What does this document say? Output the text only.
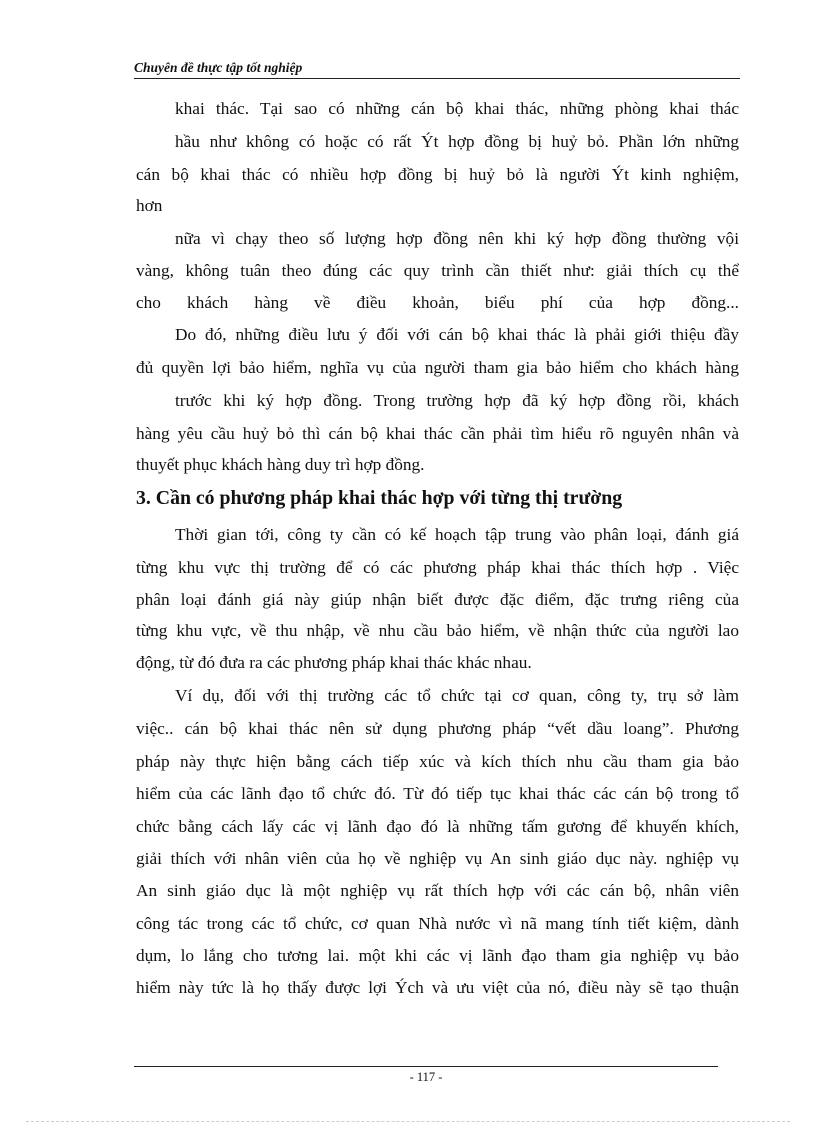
Chuyên đề thực tập tốt nghiệp
khai thác. Tại sao có những cán bộ khai thác, những phòng khai thác
hầu như không có hoặc có rất Ýt hợp đồng bị huỷ bỏ. Phần lớn những
cán bộ khai thác có nhiều hợp đồng bị huỷ bỏ là người Ýt kinh nghiệm,
hơn
nữa vì chạy theo số lượng hợp đồng nên khi ký hợp đồng thường vội
vàng, không tuân theo đúng các quy trình cần thiết như: giải thích cụ thể
cho khách hàng về điều khoản, biểu phí của hợp đồng...
Do đó, những điều lưu ý đối với cán bộ khai thác là phải giới thiệu đầy
đủ quyền lợi bảo hiểm, nghĩa vụ của người tham gia bảo hiểm cho khách hàng
trước khi ký hợp đồng. Trong trường hợp đã ký hợp đồng rồi, khách
hàng yêu cầu huỷ bỏ thì cán bộ khai thác cần phải tìm hiểu rõ nguyên nhân và
thuyết phục khách hàng duy trì hợp đồng.
3. Cần có phương pháp khai thác hợp với từng thị trường
Thời gian tới, công ty cần có kế hoạch tập trung vào phân loại, đánh giá
từng khu vực thị trường để có các phương pháp khai thác thích hợp . Việc
phân loại đánh giá này giúp nhận biết được đặc điểm, đặc trưng riêng của
từng khu vực, về thu nhập, về nhu cầu bảo hiểm, về nhận thức của người lao
động, từ đó đưa ra các phương pháp khai thác khác nhau.
Ví dụ, đối với thị trường các tổ chức tại cơ quan, công ty, trụ sở làm
việc.. cán bộ khai thác nên sử dụng phương pháp “vết dầu loang”. Phương
pháp này thực hiện bằng cách tiếp xúc và kích thích nhu cầu tham gia bảo
hiểm của các lãnh đạo tổ chức đó. Từ đó tiếp tục khai thác các cán bộ trong tổ
chức bằng cách lấy các vị lãnh đạo đó là những tấm gương để khuyến khích,
giải thích với nhân viên của họ về nghiệp vụ An sinh giáo dục này. nghiệp vụ
An sinh giáo dục là một nghiệp vụ rất thích hợp với các cán bộ, nhân viên
công tác trong các tổ chức, cơ quan Nhà nước vì nã mang tính tiết kiệm, dành
dụm, lo lắng cho tương lai. một khi các vị lãnh đạo tham gia nghiệp vụ bảo
hiểm này tức là họ thấy được lợi Ých và ưu việt của nó, điều này sẽ tạo thuận
- 117 -
